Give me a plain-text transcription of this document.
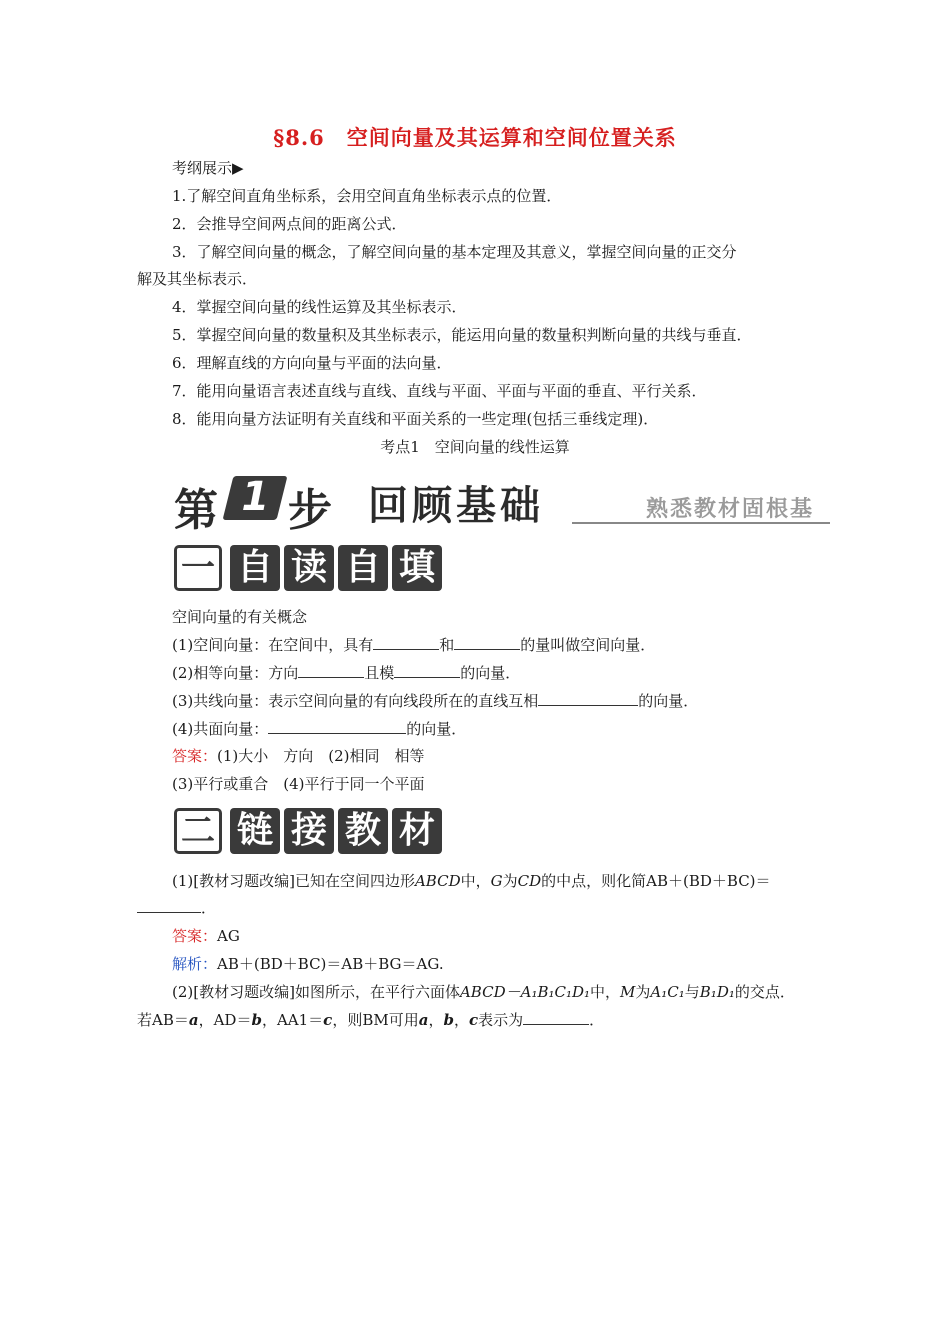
§8.6　空间向量及其运算和空间位置关系
考纲展示▶
1.了解空间直角坐标系，会用空间直角坐标表示点的位置．
2．会推导空间两点间的距离公式．
3．了解空间向量的概念，了解空间向量的基本定理及其意义，掌握空间向量的正交分
解及其坐标表示．
4．掌握空间向量的线性运算及其坐标表示．
5．掌握空间向量的数量积及其坐标表示，能运用向量的数量积判断向量的共线与垂直．
6．理解直线的方向向量与平面的法向量．
7．能用向量语言表述直线与直线、直线与平面、平面与平面的垂直、平行关系．
8．能用向量方法证明有关直线和平面关系的一些定理(包括三垂线定理)．
考点1　空间向量的线性运算
第 1 步 回顾基础	熟悉教材固根基
一 自 读 自 填
空间向量的有关概念
(1)空间向量：在空间中，具有	和	的量叫做空间向量．
(2)相等向量：方向	且模	的向量．
(3)共线向量：表示空间向量的有向线段所在的直线互相	的向量．
(4)共面向量：	的向量．
答案：(1)大小　方向　(2)相同　相等
(3)平行或重合　(4)平行于同一个平面
二 链 接 教 材
(1)[教材习题改编]已知在空间四边形ABCD中，G为CD的中点，则化简AB＋(BD＋BC)＝
．
答案：AG
解析：AB＋(BD＋BC)＝AB＋BG＝AG.
(2)[教材习题改编]如图所示，在平行六面体ABCD－A₁B₁C₁D₁中，M为A₁C₁与B₁D₁的交点．
若AB＝a，AD＝b，AA1＝c，则BM可用a，b，c表示为	．
